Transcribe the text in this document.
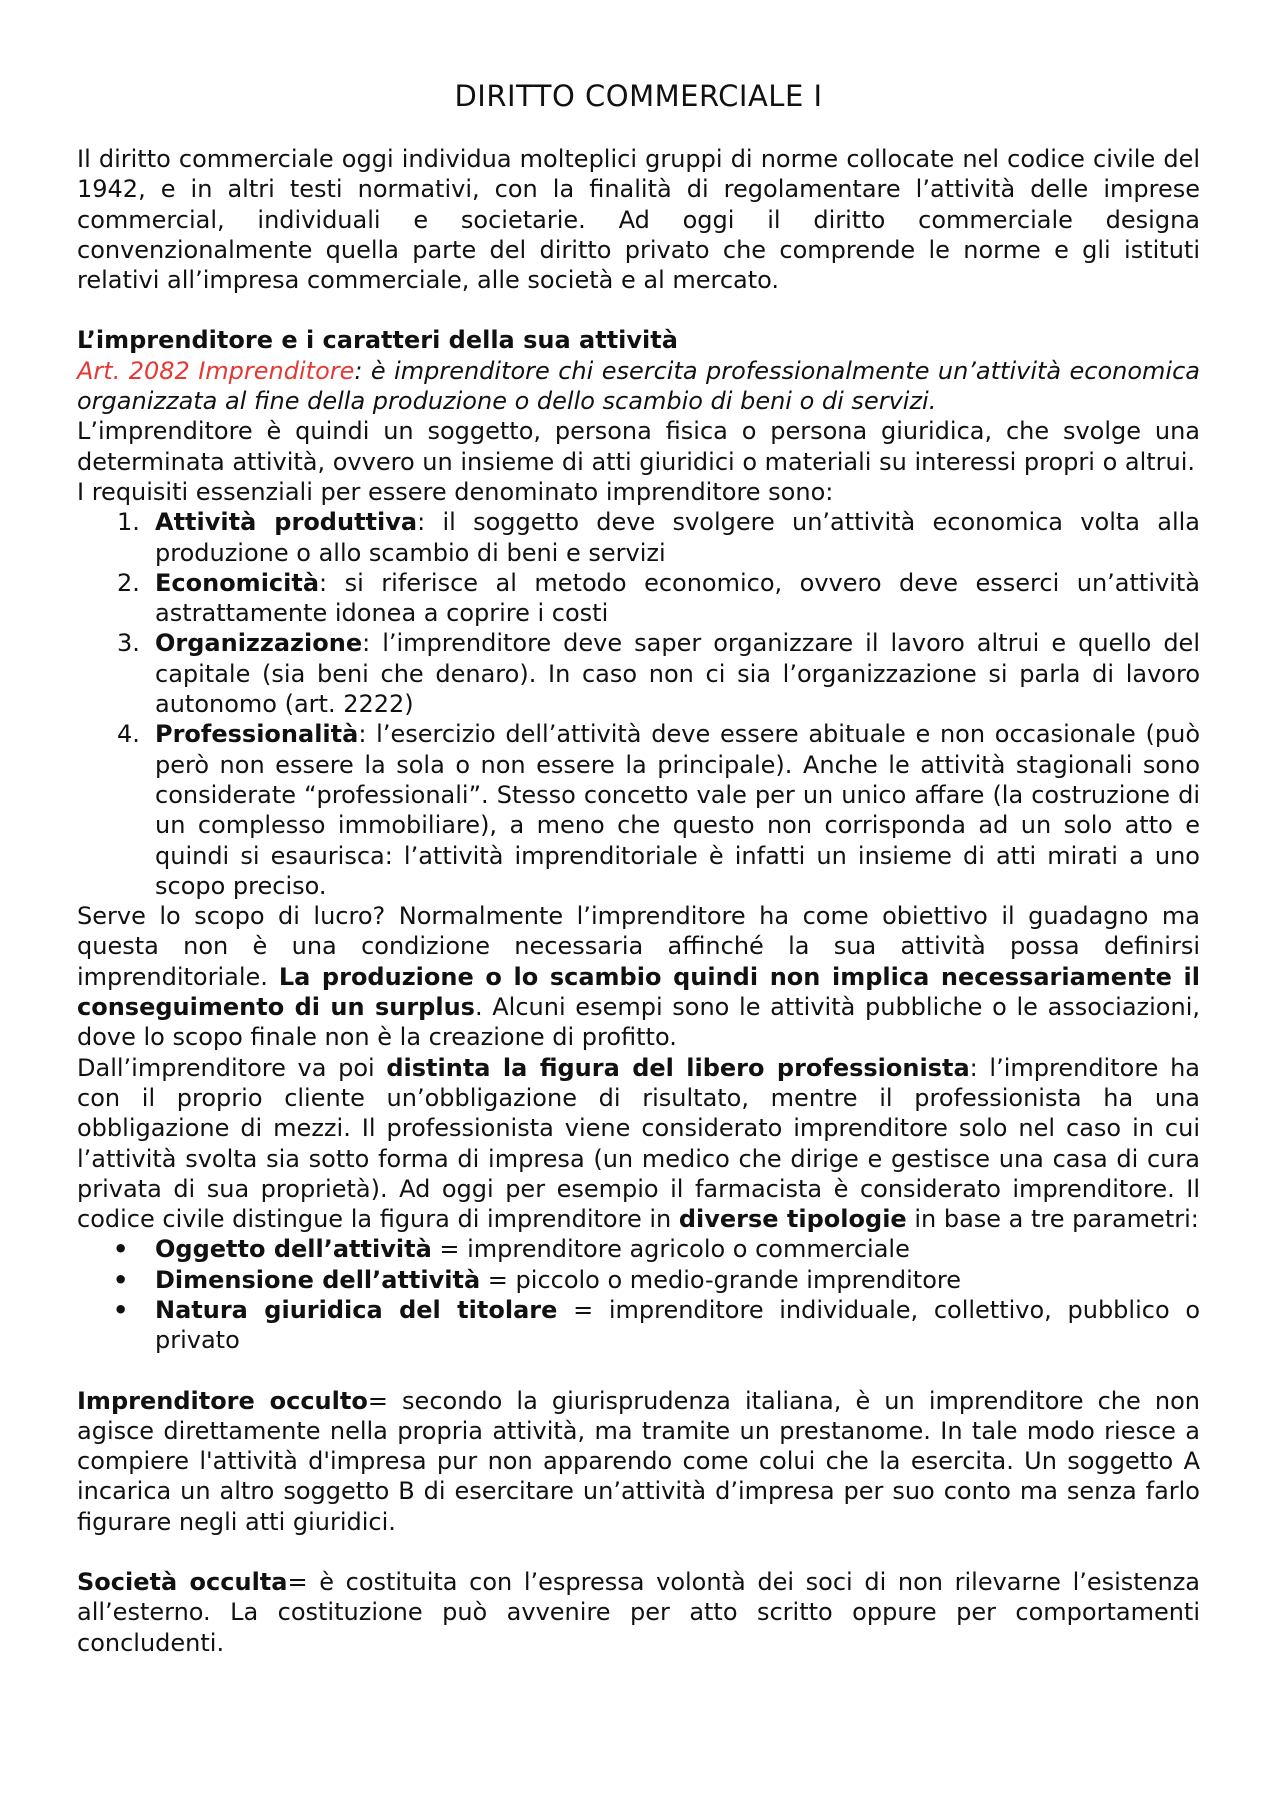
DIRITTO COMMERCIALE I

Il diritto commerciale oggi individua molteplici gruppi di norme collocate nel codice civile del 1942, e in altri testi normativi, con la finalità di regolamentare l’attività delle imprese commercial, individuali e societarie. Ad oggi il diritto commerciale designa convenzionalmente quella parte del diritto privato che comprende le norme e gli istituti relativi all’impresa commerciale, alle società e al mercato.

L’imprenditore e i caratteri della sua attività

Art. 2082 Imprenditore: è imprenditore chi esercita professionalmente un’attività economica organizzata al fine della produzione o dello scambio di beni o di servizi.

L’imprenditore è quindi un soggetto, persona fisica o persona giuridica, che svolge una determinata attività, ovvero un insieme di atti giuridici o materiali su interessi propri o altrui.

I requisiti essenziali per essere denominato imprenditore sono:

1. Attività produttiva: il soggetto deve svolgere un’attività economica volta alla produzione o allo scambio di beni e servizi
2. Economicità: si riferisce al metodo economico, ovvero deve esserci un’attività astrattamente idonea a coprire i costi
3. Organizzazione: l’imprenditore deve saper organizzare il lavoro altrui e quello del capitale (sia beni che denaro). In caso non ci sia l’organizzazione si parla di lavoro autonomo (art. 2222)
4. Professionalità: l’esercizio dell’attività deve essere abituale e non occasionale (può però non essere la sola o non essere la principale). Anche le attività stagionali sono considerate “professionali”. Stesso concetto vale per un unico affare (la costruzione di un complesso immobiliare), a meno che questo non corrisponda ad un solo atto e quindi si esaurisca: l’attività imprenditoriale è infatti un insieme di atti mirati a uno scopo preciso.

Serve lo scopo di lucro? Normalmente l’imprenditore ha come obiettivo il guadagno ma questa non è una condizione necessaria affinché la sua attività possa definirsi imprenditoriale. La produzione o lo scambio quindi non implica necessariamente il conseguimento di un surplus. Alcuni esempi sono le attività pubbliche o le associazioni, dove lo scopo finale non è la creazione di profitto.

Dall’imprenditore va poi distinta la figura del libero professionista: l’imprenditore ha con il proprio cliente un’obbligazione di risultato, mentre il professionista ha una obbligazione di mezzi. Il professionista viene considerato imprenditore solo nel caso in cui l’attività svolta sia sotto forma di impresa (un medico che dirige e gestisce una casa di cura privata di sua proprietà). Ad oggi per esempio il farmacista è considerato imprenditore. Il codice civile distingue la figura di imprenditore in diverse tipologie in base a tre parametri:

•	Oggetto dell’attività = imprenditore agricolo o commerciale
•	Dimensione dell’attività = piccolo o medio-grande imprenditore
•	Natura giuridica del titolare = imprenditore individuale, collettivo, pubblico o privato

Imprenditore occulto= secondo la giurisprudenza italiana, è un imprenditore che non agisce direttamente nella propria attività, ma tramite un prestanome. In tale modo riesce a compiere l'attività d'impresa pur non apparendo come colui che la esercita. Un soggetto A incarica un altro soggetto B di esercitare un’attività d’impresa per suo conto ma senza farlo figurare negli atti giuridici.

Società occulta= è costituita con l’espressa volontà dei soci di non rilevarne l’esistenza all’esterno. La costituzione può avvenire per atto scritto oppure per comportamenti concludenti.
